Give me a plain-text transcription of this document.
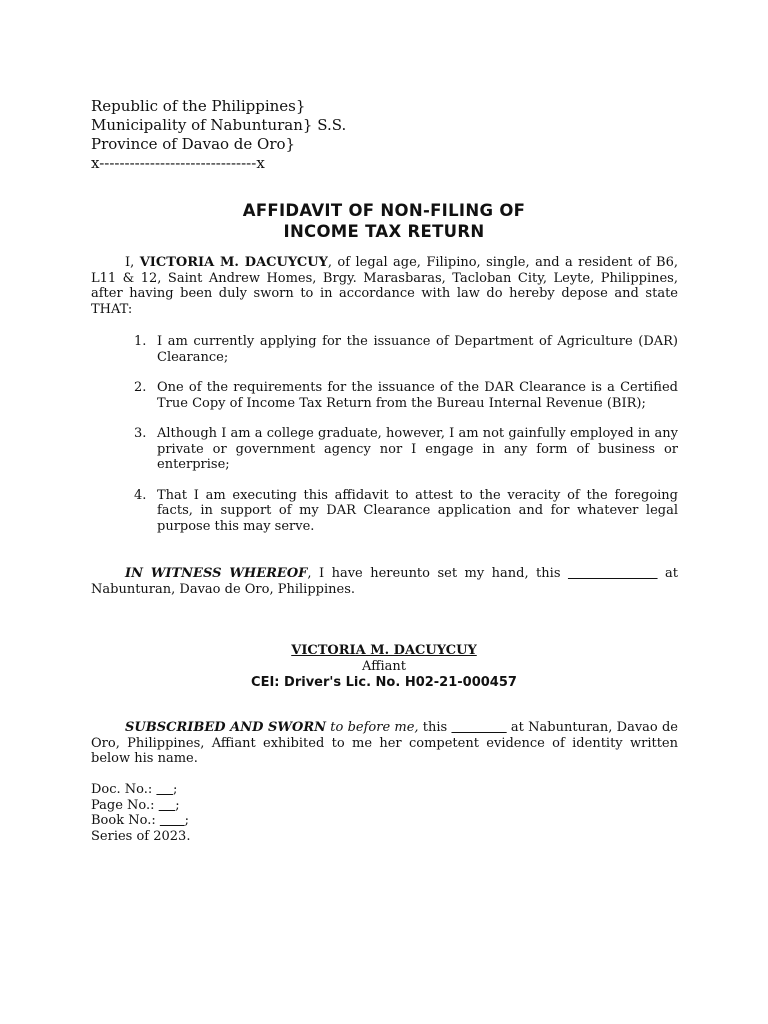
Republic of the Philippines}
Municipality of Nabunturan} S.S.
Province of Davao de Oro}
x-------------------------------x
AFFIDAVIT OF NON-FILING OF
INCOME TAX RETURN
I, VICTORIA M. DACUYCUY, of legal age, Filipino, single, and a resident of B6, L11 & 12, Saint Andrew Homes, Brgy. Marasbaras, Tacloban City, Leyte, Philippines, after having been duly sworn to in accordance with law do hereby depose and state THAT:
1. I am currently applying for the issuance of Department of Agriculture (DAR) Clearance;
2. One of the requirements for the issuance of the DAR Clearance is a Certified True Copy of Income Tax Return from the Bureau Internal Revenue (BIR);
3. Although I am a college graduate, however, I am not gainfully employed in any private or government agency nor I engage in any form of business or enterprise;
4. That I am executing this affidavit to attest to the veracity of the foregoing facts, in support of my DAR Clearance application and for whatever legal purpose this may serve.
IN WITNESS WHEREOF, I have hereunto set my hand, this	at Nabunturan, Davao de Oro, Philippines.
VICTORIA M. DACUYCUY
Affiant
CEI: Driver's Lic. No. H02-21-000457
SUBSCRIBED AND SWORN to before me, this	at Nabunturan, Davao de Oro, Philippines, Affiant exhibited to me her competent evidence of identity written below his name.
Doc. No.:     ;
Page No.:     ;
Book No.:       ;
Series of 2023.
